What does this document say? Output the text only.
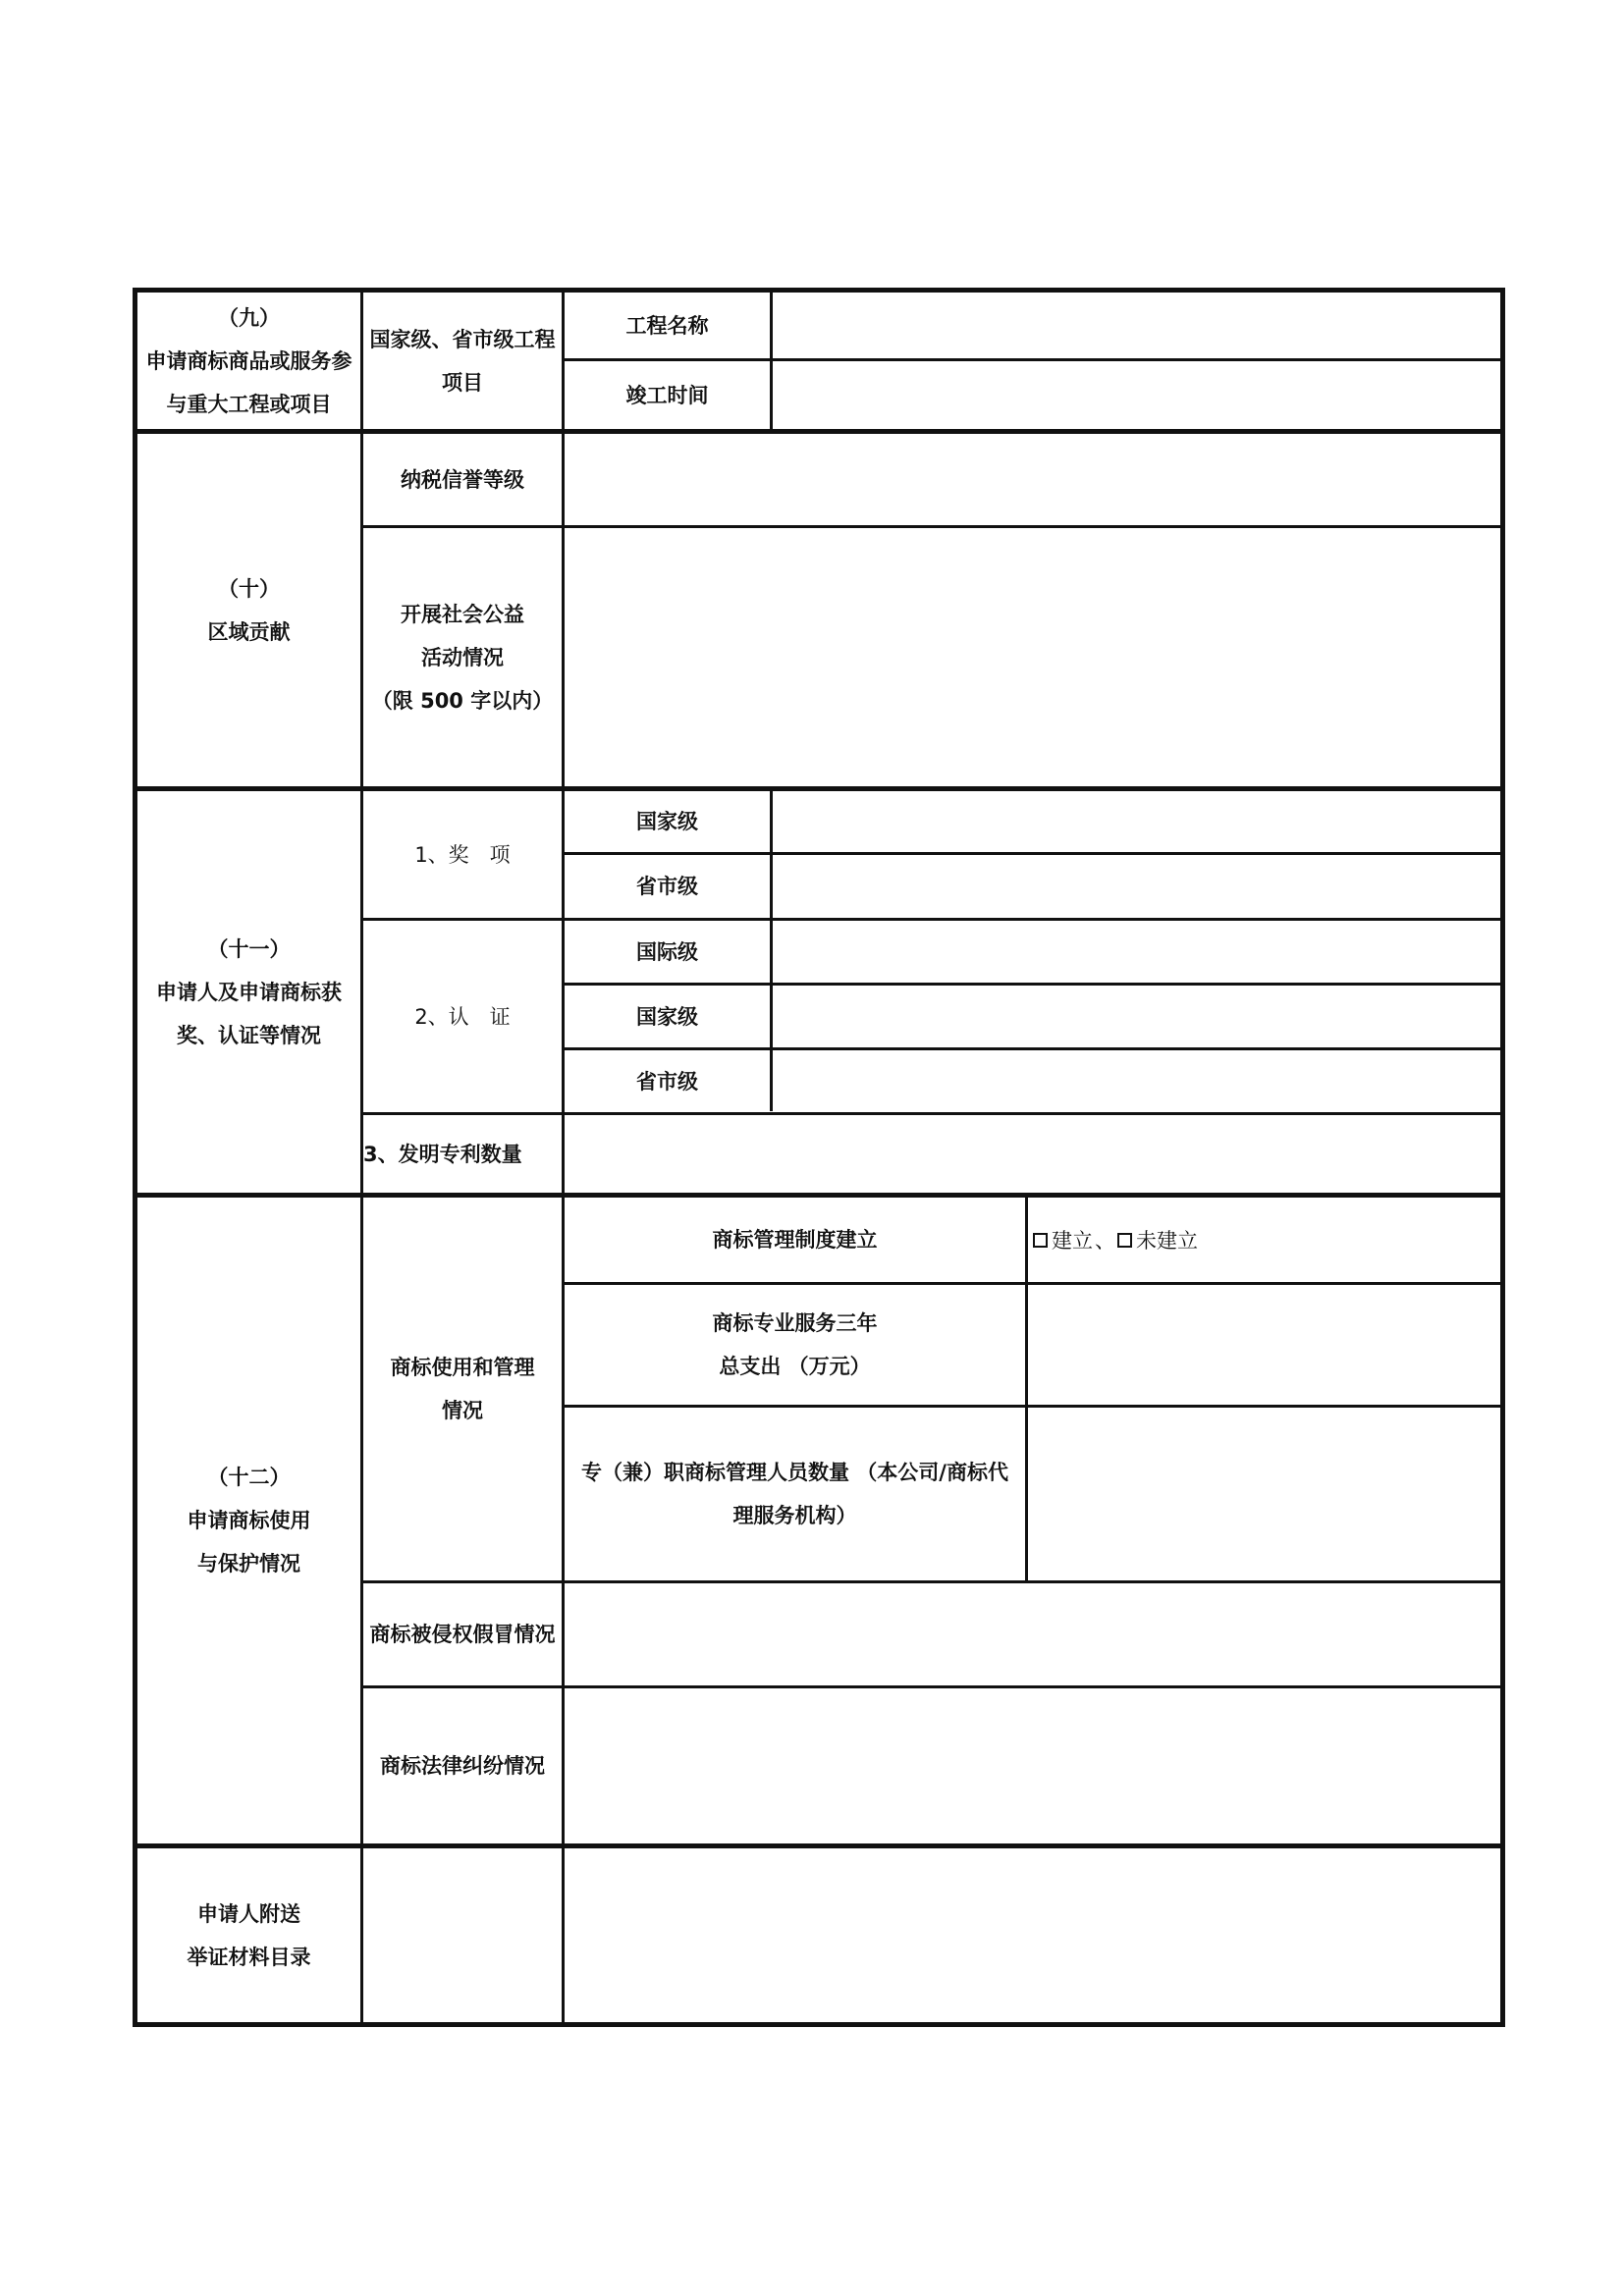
（九）
申请商标商品或服务参
与重大工程或项目
国家级、省市级工程
项目
工程名称
竣工时间
（十）
区域贡献
纳税信誉等级
开展社会公益
活动情况
（限 500 字以内）
（十一）
申请人及申请商标获
奖、认证等情况
1、奖　项
国家级
省市级
2、认　证
国际级
国家级
省市级
3、发明专利数量
（十二）
申请商标使用
与保护情况
商标使用和管理
情况
商标管理制度建立	建立 、 未建立
商标专业服务三年
总支出 （万元）
专（兼）职商标管理人员数量 （本公司/商标代
理服务机构）
商标被侵权假冒情况
商标法律纠纷情况
申请人附送
举证材料目录
